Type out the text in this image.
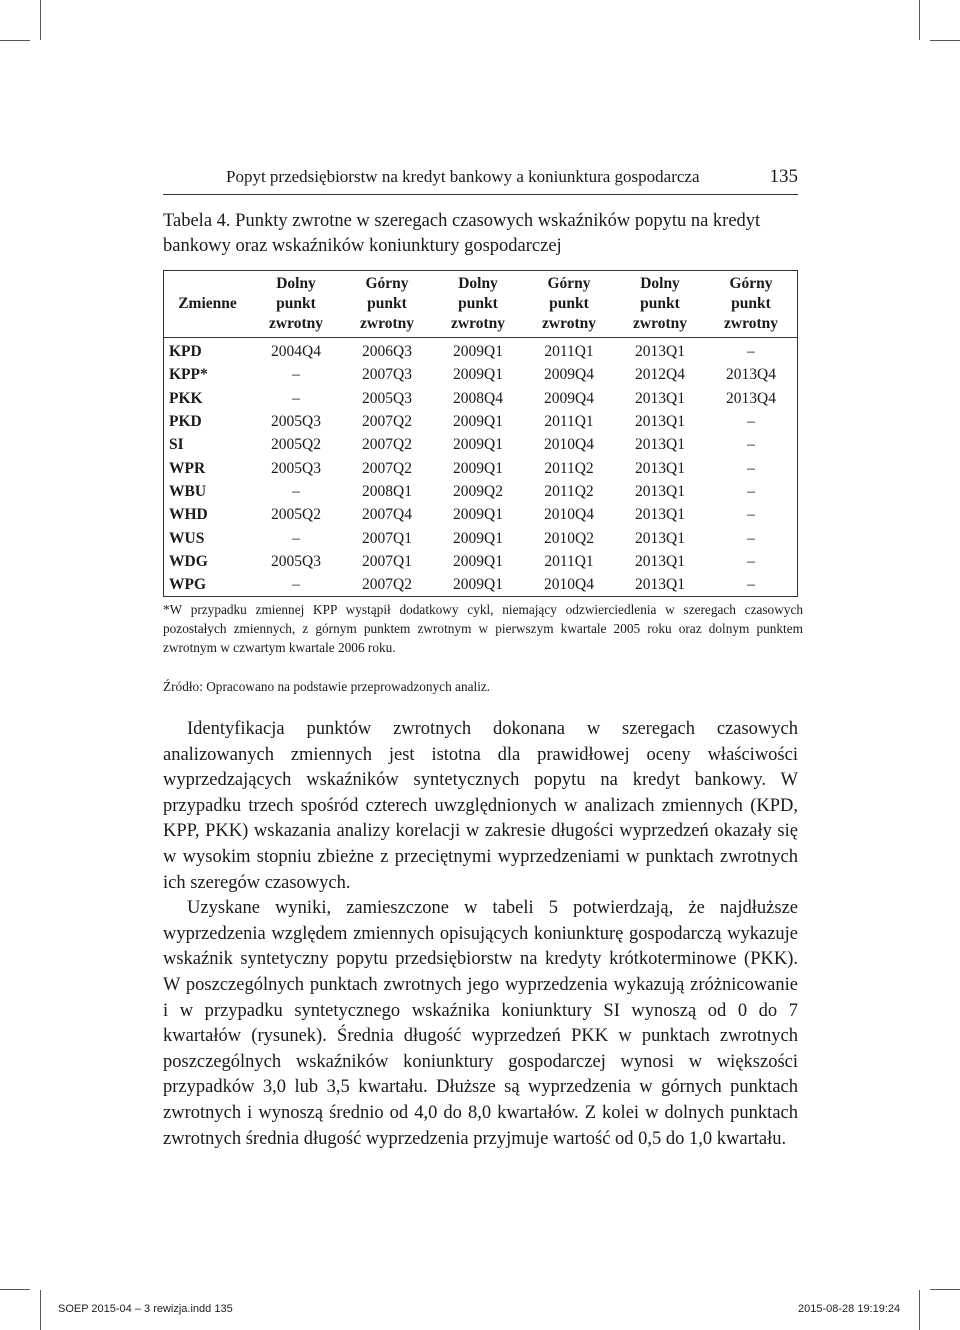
Popyt przedsiębiorstw na kredyt bankowy a koniunktura gospodarcza	135
Tabela 4. Punkty zwrotne w szeregach czasowych wskaźników popytu na kredyt bankowy oraz wskaźników koniunktury gospodarczej
Zmienne	Dolny
punkt
zwrotny	Górny
punkt
zwrotny	Dolny
punkt
zwrotny	Górny
punkt
zwrotny	Dolny
punkt
zwrotny	Górny
punkt
zwrotny

KPD	2004Q4	2006Q3	2009Q1	2011Q1	2013Q1	–
KPP*	–	2007Q3	2009Q1	2009Q4	2012Q4	2013Q4
PKK	–	2005Q3	2008Q4	2009Q4	2013Q1	2013Q4
PKD	2005Q3	2007Q2	2009Q1	2011Q1	2013Q1	–
SI	2005Q2	2007Q2	2009Q1	2010Q4	2013Q1	–
WPR	2005Q3	2007Q2	2009Q1	2011Q2	2013Q1	–
WBU	–	2008Q1	2009Q2	2011Q2	2013Q1	–
WHD	2005Q2	2007Q4	2009Q1	2010Q4	2013Q1	–
WUS	–	2007Q1	2009Q1	2010Q2	2013Q1	–
WDG	2005Q3	2007Q1	2009Q1	2011Q1	2013Q1	–
WPG	–	2007Q2	2009Q1	2010Q4	2013Q1	–
*W przypadku zmiennej KPP wystąpił dodatkowy cykl, niemający odzwierciedlenia w szeregach czasowych pozostałych zmiennych, z górnym punktem zwrotnym w pierwszym kwartale 2005 roku oraz dolnym punktem zwrotnym w czwartym kwartale 2006 roku.
Źródło: Opracowano na podstawie przeprowadzonych analiz.

Identyfikacja punktów zwrotnych dokonana w szeregach czasowych analizowanych zmiennych jest istotna dla prawidłowej oceny właściwości wyprzedzających wskaźników syntetycznych popytu na kredyt bankowy. W przypadku trzech spośród czterech uwzględnionych w analizach zmiennych (KPD, KPP, PKK) wskazania analizy korelacji w zakresie długości wyprzedzeń okazały się w wysokim stopniu zbieżne z przeciętnymi wyprzedzeniami w punktach zwrotnych ich szeregów czasowych.

Uzyskane wyniki, zamieszczone w tabeli 5 potwierdzają, że najdłuższe wyprzedzenia względem zmiennych opisujących koniunkturę gospodarczą wykazuje wskaźnik syntetyczny popytu przedsiębiorstw na kredyty krótkoterminowe (PKK). W poszczególnych punktach zwrotnych jego wyprzedzenia wykazują zróżnicowanie i w przypadku syntetycznego wskaźnika koniunktury SI wynoszą od 0 do 7 kwartałów (rysunek). Średnia długość wyprzedzeń PKK w punktach zwrotnych poszczególnych wskaźników koniunktury gospodarczej wynosi w większości przypadków 3,0 lub 3,5 kwartału. Dłuższe są wyprzedzenia w górnych punktach zwrotnych i wynoszą średnio od 4,0 do 8,0 kwartałów. Z kolei w dolnych punktach zwrotnych średnia długość wyprzedzenia przyjmuje wartość od 0,5 do 1,0 kwartału.

SOEP 2015-04 – 3 rewizja.indd 135	2015-08-28 19:19:24
